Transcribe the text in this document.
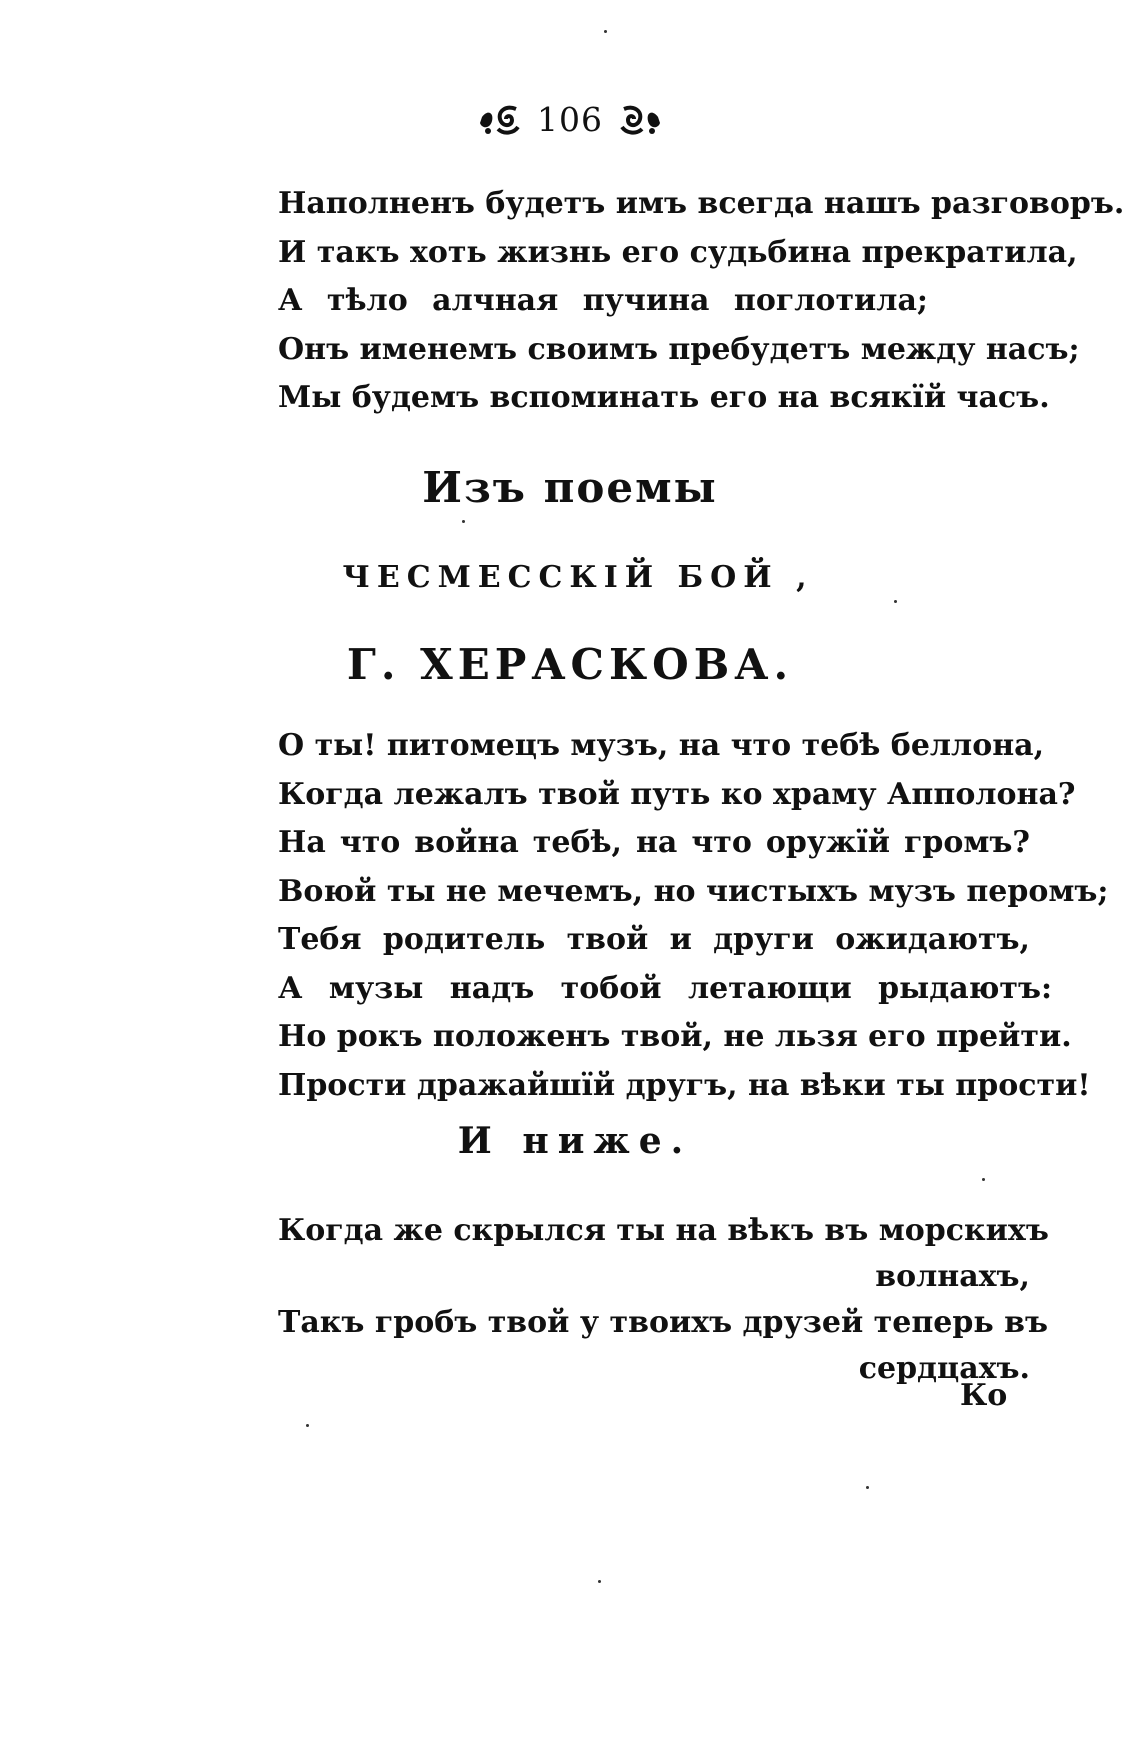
106
Наполненъ будетъ имъ всегда нашъ разговоръ.
И такъ хоть жизнь его судьбина прекратила,
А тѣло алчная пучина поглотила;
Онъ именемъ своимъ пребудетъ между насъ;
Мы будемъ вспоминать его на всякїй часъ.
Изъ поемы
ЧЕСМЕССКIЙ БОЙ ,
Г. ХЕРАСКОВА.
О ты! питомецъ музъ, на что тебѣ беллона,
Когда лежалъ твой путь ко храму Апполона?
На что война тебѣ, на что оружїй громъ?
Воюй ты не мечемъ, но чистыхъ музъ перомъ;
Тебя родитель твой и други ожидаютъ,
А музы надъ тобой летающи рыдаютъ:
Но рокъ положенъ твой, не льзя его прейти.
Прости дражайшїй другъ, на вѣки ты прости!
И ниже.
Когда же скрылся ты на вѣкъ въ морскихъ
волнахъ,
Такъ гробъ твой у твоихъ друзей теперь въ
сердцахъ.
Ко
